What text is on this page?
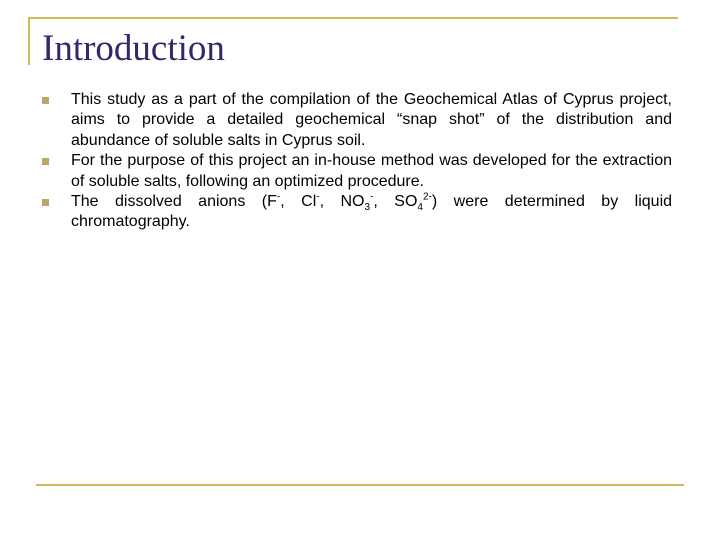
Introduction
This study as a part of the compilation of the Geochemical Atlas of Cyprus project, aims to provide a detailed geochemical “snap shot” of the distribution and abundance of soluble salts in Cyprus soil.
For the purpose of this project an in-house method was developed for the extraction of soluble salts, following an optimized procedure.
The dissolved anions (F-, Cl-, $NO_3^-$, $SO_4^{2-}$) were determined by liquid chromatography.
